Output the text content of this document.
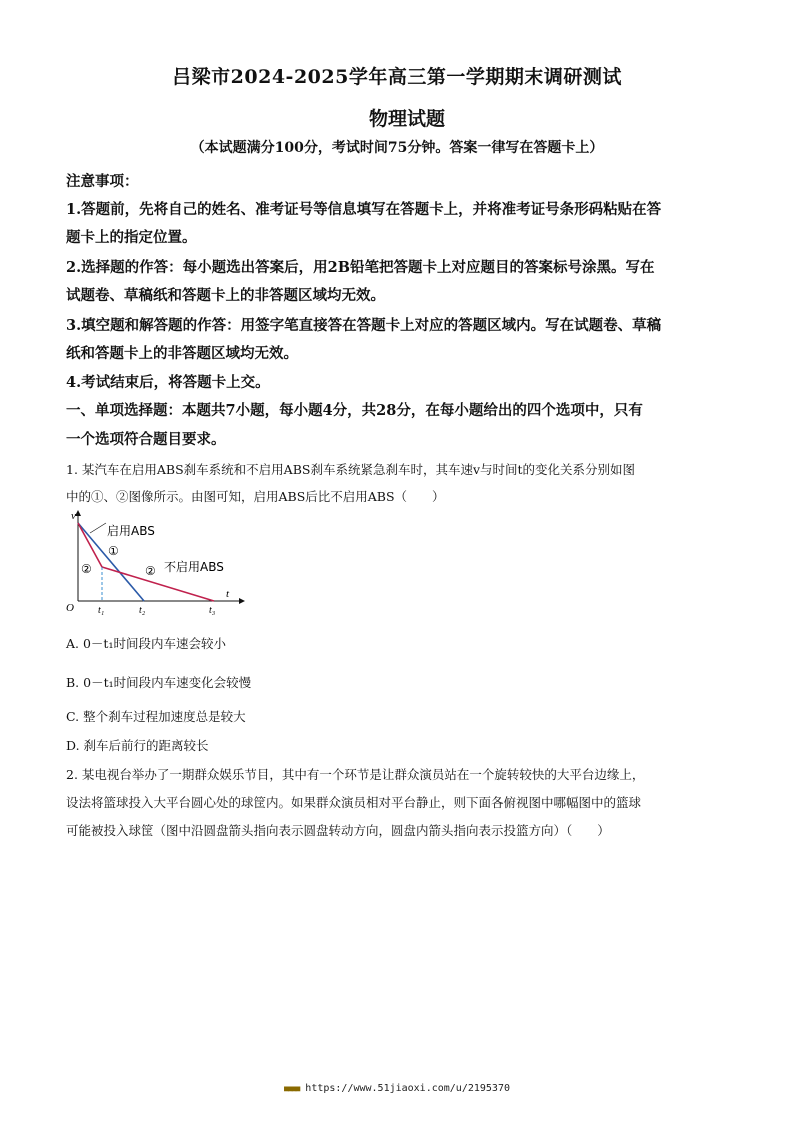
吕梁市2024-2025学年高三第一学期期末调研测试
物理试题
（本试题满分100分，考试时间75分钟。答案一律写在答题卡上）
注意事项：
1.答题前，先将自己的姓名、准考证号等信息填写在答题卡上，并将准考证号条形码粘贴在答
题卡上的指定位置。
2.选择题的作答：每小题选出答案后，用2B铅笔把答题卡上对应题目的答案标号涂黑。写在
试题卷、草稿纸和答题卡上的非答题区域均无效。
3.填空题和解答题的作答：用签字笔直接答在答题卡上对应的答题区域内。写在试题卷、草稿
纸和答题卡上的非答题区域均无效。
4.考试结束后，将答题卡上交。
一、单项选择题：本题共7小题，每小题4分，共28分，在每小题给出的四个选项中，只有
一个选项符合题目要求。
1. 某汽车在启用ABS刹车系统和不启用ABS刹车系统紧急刹车时，其车速v与时间t的变化关系分别如图
中的①、②图像所示。由图可知，启用ABS后比不启用ABS（　　）
v
t
O t₁	t₂	t₃
启用ABS
①
②	② 不启用ABS
A. 0－t₁时间段内车速会较小
B. 0－t₁时间段内车速变化会较慢
C. 整个刹车过程加速度总是较大
D. 刹车后前行的距离较长
2. 某电视台举办了一期群众娱乐节目，其中有一个环节是让群众演员站在一个旋转较快的大平台边缘上，
设法将篮球投入大平台圆心处的球筐内。如果群众演员相对平台静止，则下面各俯视图中哪幅图中的篮球
可能被投入球筐（图中沿圆盘箭头指向表示圆盘转动方向，圆盘内箭头指向表示投篮方向）（　　）
■■■■ https://www.51jiaoxi.com/u/2195370
